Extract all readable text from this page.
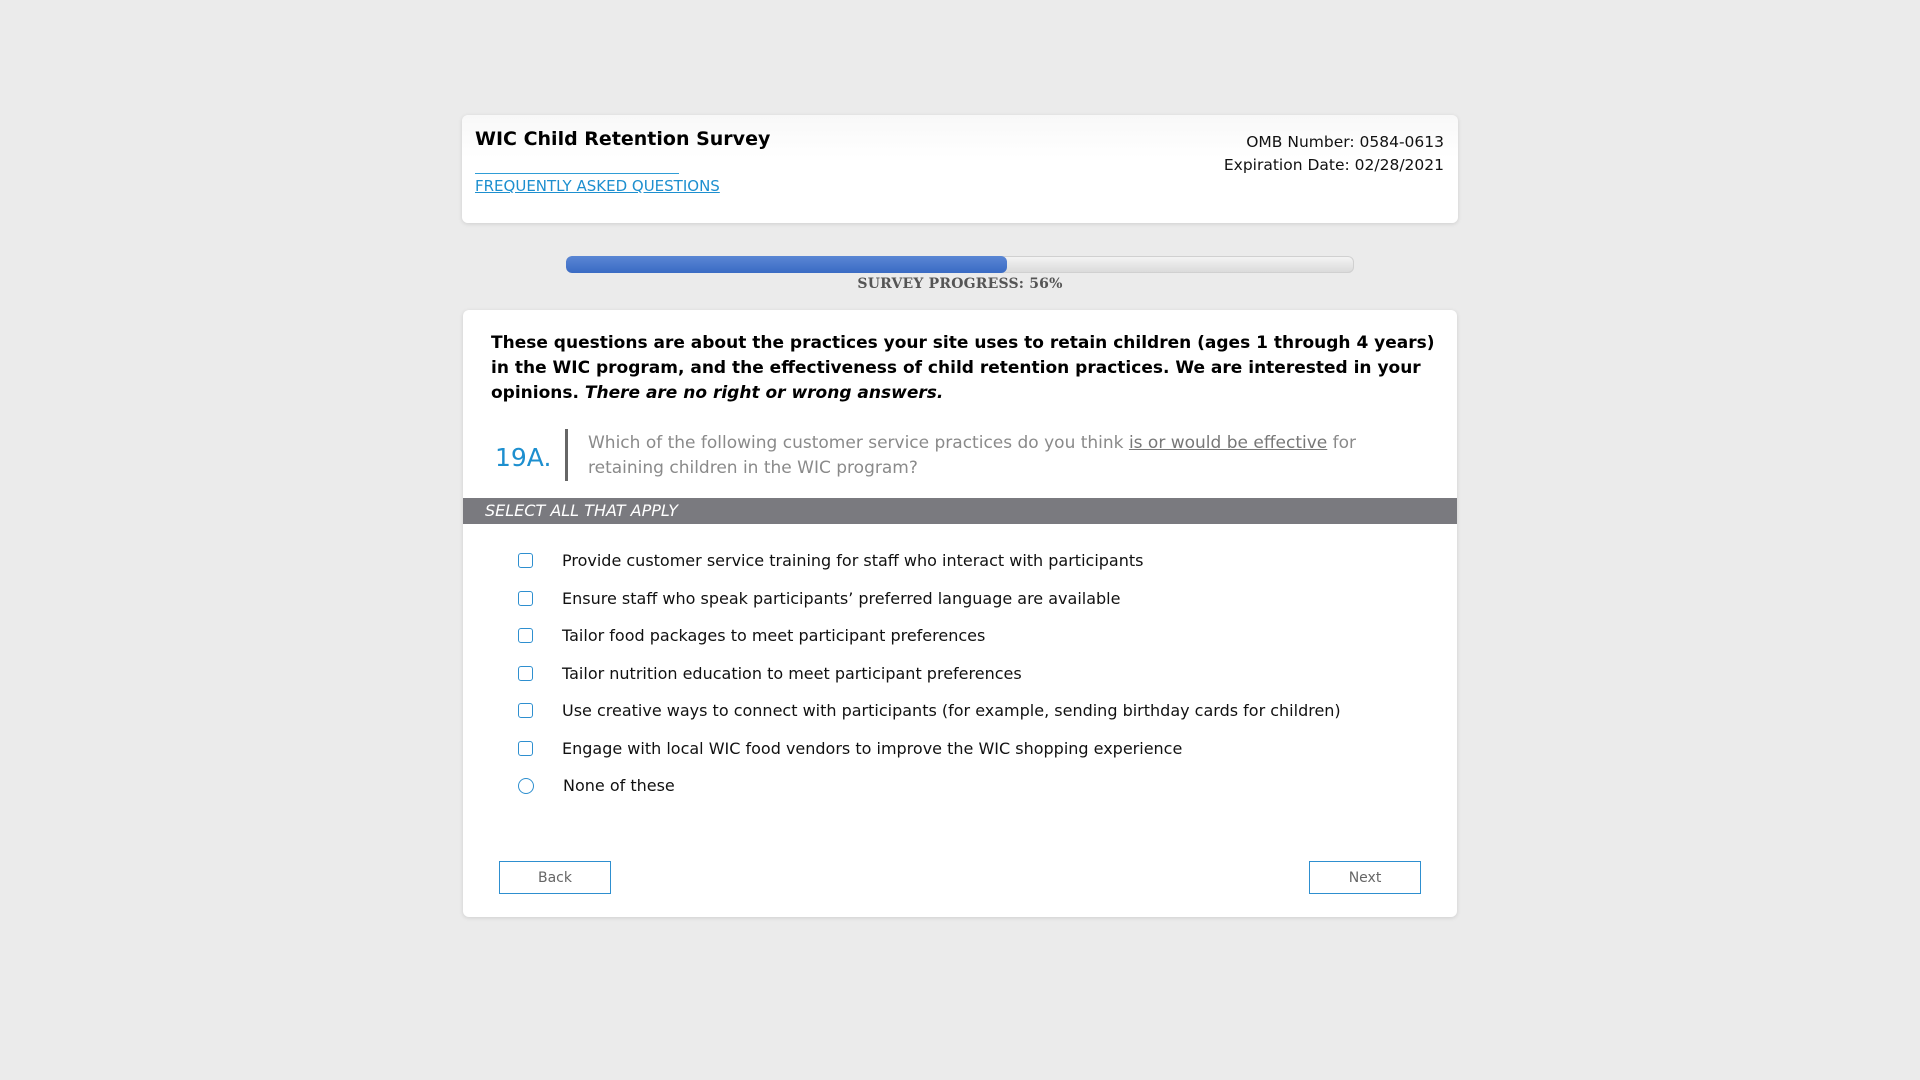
WIC Child Retention Survey
FREQUENTLY ASKED QUESTIONS
OMB Number: 0584-0613
Expiration Date: 02/28/2021
SURVEY PROGRESS: 56%
These questions are about the practices your site uses to retain children (ages 1 through 4 years) in the WIC program, and the effectiveness of child retention practices. We are interested in your opinions. There are no right or wrong answers.
19A. Which of the following customer service practices do you think is or would be effective for retaining children in the WIC program?
SELECT ALL THAT APPLY
Provide customer service training for staff who interact with participants
Ensure staff who speak participants’ preferred language are available
Tailor food packages to meet participant preferences
Tailor nutrition education to meet participant preferences
Use creative ways to connect with participants (for example, sending birthday cards for children)
Engage with local WIC food vendors to improve the WIC shopping experience
None of these
Back	Next
